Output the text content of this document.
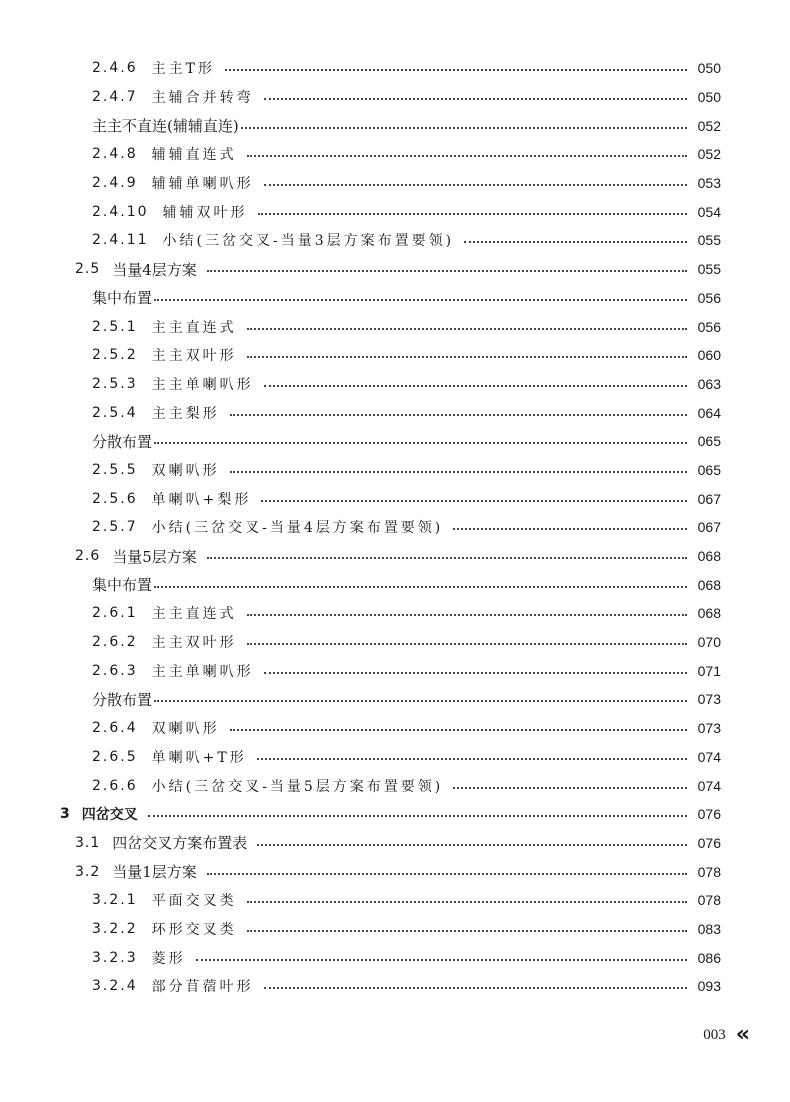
2.4.6 主主T形	050
2.4.7 主辅合并转弯	050
主主不直连(辅辅直连)	052
2.4.8 辅辅直连式	052
2.4.9 辅辅单喇叭形	053
2.4.10 辅辅双叶形	054
2.4.11 小结(三岔交叉-当量3层方案布置要领)	055
2.5 当量4层方案	055
集中布置	056
2.5.1 主主直连式	056
2.5.2 主主双叶形	060
2.5.3 主主单喇叭形	063
2.5.4 主主梨形	064
分散布置	065
2.5.5 双喇叭形	065
2.5.6 单喇叭+梨形	067
2.5.7 小结(三岔交叉-当量4层方案布置要领)	067
2.6 当量5层方案	068
集中布置	068
2.6.1 主主直连式	068
2.6.2 主主双叶形	070
2.6.3 主主单喇叭形	071
分散布置	073
2.6.4 双喇叭形	073
2.6.5 单喇叭+T形	074
2.6.6 小结(三岔交叉-当量5层方案布置要领)	074
3 四岔交叉	076
3.1 四岔交叉方案布置表	076
3.2 当量1层方案	078
3.2.1 平面交叉类	078
3.2.2 环形交叉类	083
3.2.3 菱形	086
3.2.4 部分苜蓿叶形	093
003 «
